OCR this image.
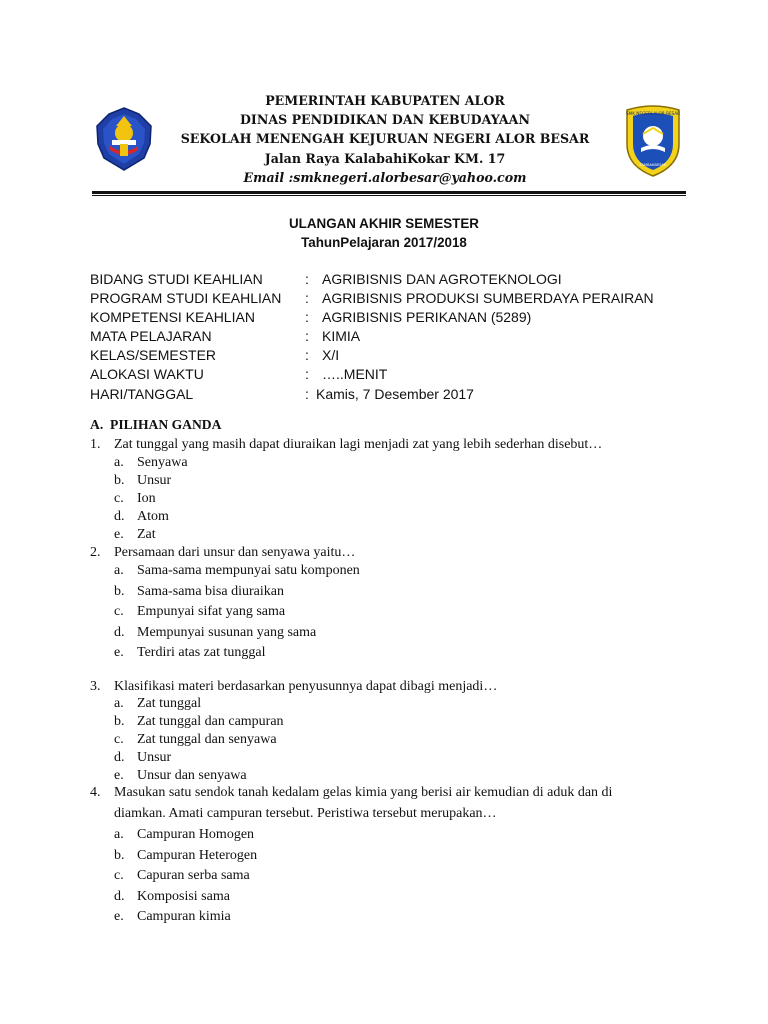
SMK NEGERI ALOR BESAR
TAMBAKBESAR
PEMERINTAH KABUPATEN ALOR
DINAS PENDIDIKAN DAN KEBUDAYAAN
SEKOLAH MENENGAH KEJURUAN NEGERI ALOR BESAR
Jalan Raya KalabahiKokar KM. 17
Email :smknegeri.alorbesar@yahoo.com
ULANGAN AKHIR SEMESTER
TahunPelajaran 2017/2018
BIDANG STUDI KEAHLIAN	: AGRIBISNIS DAN AGROTEKNOLOGI
PROGRAM STUDI KEAHLIAN : AGRIBISNIS PRODUKSI SUMBERDAYA PERAIRAN
KOMPETENSI KEAHLIAN	: AGRIBISNIS PERIKANAN (5289)
MATA PELAJARAN	: KIMIA
KELAS/SEMESTER	: X/I
ALOKASI WAKTU	: …..MENIT
HARI/TANGGAL	: Kamis, 7 Desember 2017
A.  PILIHAN GANDA
1. Zat tunggal yang masih dapat diuraikan lagi menjadi zat yang lebih sederhan disebut…
a. Senyawa
b. Unsur
c. Ion
d. Atom
e. Zat
2. Persamaan dari unsur dan senyawa yaitu…
a. Sama-sama mempunyai satu komponen
b. Sama-sama bisa diuraikan
c. Empunyai sifat yang sama
d. Mempunyai susunan yang sama
e. Terdiri atas zat tunggal
3. Klasifikasi materi berdasarkan penyusunnya dapat dibagi menjadi…
a. Zat tunggal
b. Zat tunggal dan campuran
c. Zat tunggal dan senyawa
d. Unsur
e. Unsur dan senyawa
4. Masukan satu sendok tanah kedalam gelas kimia yang berisi air kemudian di aduk dan di
diamkan. Amati campuran tersebut. Peristiwa tersebut merupakan…
a. Campuran Homogen
b. Campuran Heterogen
c. Capuran serba sama
d. Komposisi sama
e. Campuran kimia
